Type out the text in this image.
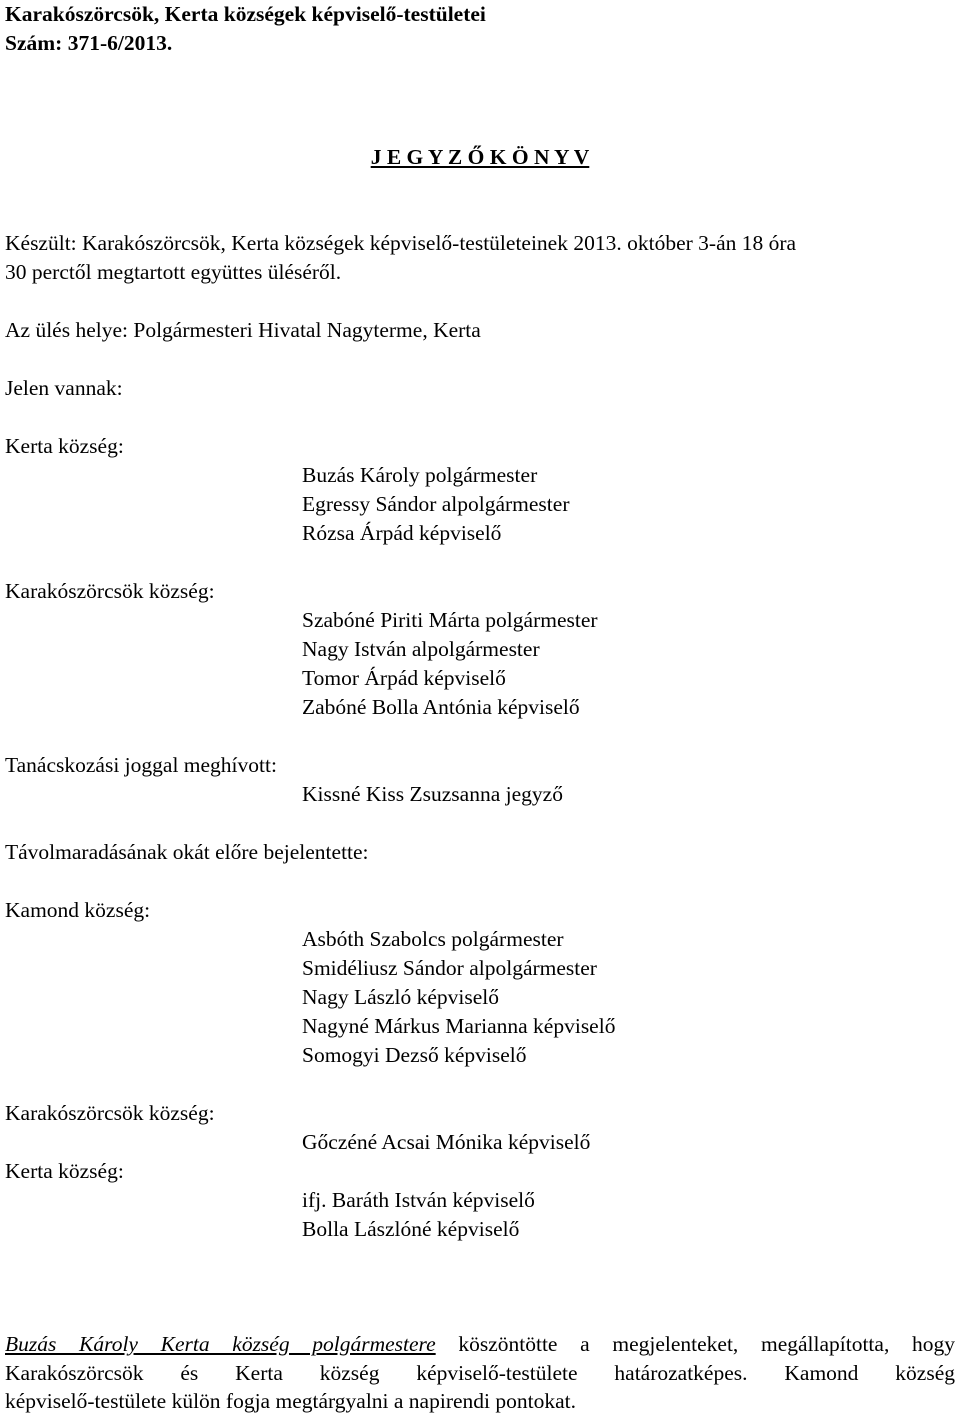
Karakószörcsök, Kerta községek képviselő-testületei
Szám: 371-6/2013.
J E G Y Z Ő K Ö N Y V
Készült: Karakószörcsök, Kerta községek képviselő-testületeinek 2013. október 3-án 18 óra
30 perctől megtartott együttes üléséről.
Az ülés helye: Polgármesteri Hivatal Nagyterme, Kerta
Jelen vannak:
Kerta község:
Buzás Károly polgármester
Egressy Sándor alpolgármester
Rózsa Árpád képviselő
Karakószörcsök község:
Szabóné Piriti Márta polgármester
Nagy István alpolgármester
Tomor Árpád képviselő
Zabóné Bolla Antónia képviselő
Tanácskozási joggal meghívott:
Kissné Kiss Zsuzsanna jegyző
Távolmaradásának okát előre bejelentette:
Kamond község:
Asbóth Szabolcs polgármester
Smidéliusz Sándor alpolgármester
Nagy László képviselő
Nagyné Márkus Marianna képviselő
Somogyi Dezső képviselő
Karakószörcsök község:
Gőczéné Acsai Mónika képviselő
Kerta község:
ifj. Baráth István képviselő
Bolla Lászlóné képviselő
Buzás Károly Kerta község polgármestere köszöntötte a megjelenteket, megállapította, hogy
Karakószörcsök és Kerta község képviselő-testülete határozatképes. Kamond község
képviselő-testülete külön fogja megtárgyalni a napirendi pontokat.
